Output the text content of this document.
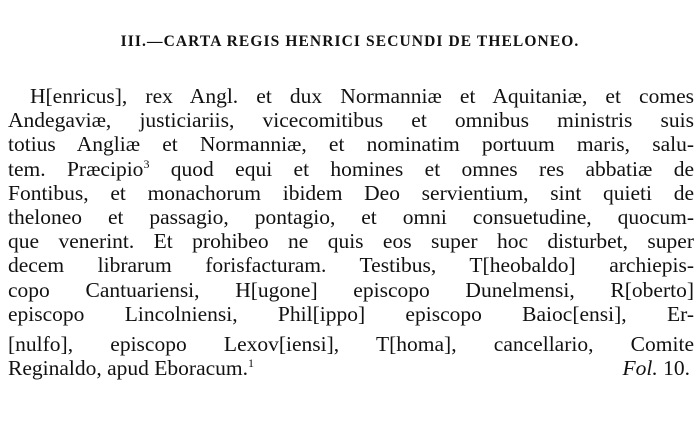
III.—CARTA REGIS HENRICI SECUNDI DE THELONEO.
H[enricus], rex Angl. et dux Normanniæ et Aquitaniæ, et comes
Andegaviæ, justiciariis, vicecomitibus et omnibus ministris suis
totius Angliæ et Normanniæ, et nominatim portuum maris, salu-
tem. Præcipio$^3$ quod equi et homines et omnes res abbatiæ de
Fontibus, et monachorum ibidem Deo servientium, sint quieti de
theloneo et passagio, pontagio, et omni consuetudine, quocum-
que venerint. Et prohibeo ne quis eos super hoc disturbet, super
decem librarum forisfacturam. Testibus, T[heobaldo] archiepis-
copo Cantuariensi, H[ugone] episcopo Dunelmensi, R[oberto]
episcopo Lincolniensi, Phil[ippo] episcopo Baioc[ensi], Er-
[nulfo], episcopo Lexov[iensi], T[homa], cancellario, Comite
Reginaldo, apud Eboracum.$^1$	Fol. 10.
